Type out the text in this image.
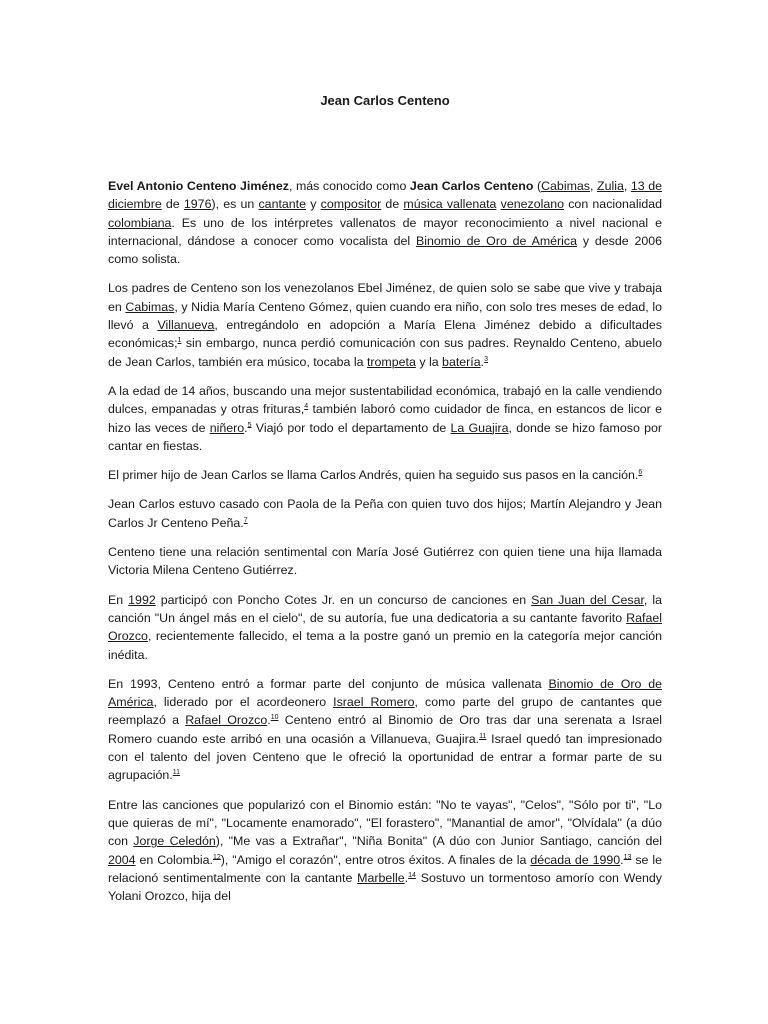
Jean Carlos Centeno

Evel Antonio Centeno Jiménez, más conocido como Jean Carlos Centeno (Cabimas, Zulia, 13 de diciembre de 1976), es un cantante y compositor de música vallenata venezolano con nacionalidad colombiana. Es uno de los intérpretes vallenatos de mayor reconocimiento a nivel nacional e internacional, dándose a conocer como vocalista del Binomio de Oro de América y desde 2006 como solista.

Los padres de Centeno son los venezolanos Ebel Jiménez, de quien solo se sabe que vive y trabaja en Cabimas, y Nidia María Centeno Gómez, quien cuando era niño, con solo tres meses de edad, lo llevó a Villanueva, entregándolo en adopción a María Elena Jiménez debido a dificultades económicas;$^1$ sin embargo, nunca perdió comunicación con sus padres. Reynaldo Centeno, abuelo de Jean Carlos, también era músico, tocaba la trompeta y la batería.$^3$

A la edad de 14 años, buscando una mejor sustentabilidad económica, trabajó en la calle vendiendo dulces, empanadas y otras frituras,$^4$ también laboró como cuidador de finca, en estancos de licor e hizo las veces de niñero.$^5$ Viajó por todo el departamento de La Guajira, donde se hizo famoso por cantar en fiestas.

El primer hijo de Jean Carlos se llama Carlos Andrés, quien ha seguido sus pasos en la canción.$^6$

Jean Carlos estuvo casado con Paola de la Peña con quien tuvo dos hijos; Martín Alejandro y Jean Carlos Jr Centeno Peña.$^7$

Centeno tiene una relación sentimental con María José Gutiérrez con quien tiene una hija llamada Victoria Milena Centeno Gutiérrez.

En 1992 participó con Poncho Cotes Jr. en un concurso de canciones en San Juan del Cesar, la canción "Un ángel más en el cielo", de su autoría, fue una dedicatoria a su cantante favorito Rafael Orozco, recientemente fallecido, el tema a la postre ganó un premio en la categoría mejor canción inédita.

En 1993, Centeno entró a formar parte del conjunto de música vallenata Binomio de Oro de América, liderado por el acordeonero Israel Romero, como parte del grupo de cantantes que reemplazó a Rafael Orozco.$^{10}$ Centeno entró al Binomio de Oro tras dar una serenata a Israel Romero cuando este arribó en una ocasión a Villanueva, Guajira.$^{11}$ Israel quedó tan impresionado con el talento del joven Centeno que le ofreció la oportunidad de entrar a formar parte de su agrupación.$^{11}$

Entre las canciones que popularizó con el Binomio están: "No te vayas", "Celos", "Sólo por ti", "Lo que quieras de mí", "Locamente enamorado", "El forastero", "Manantial de amor", "Olvídala" (a dúo con Jorge Celedón), "Me vas a Extrañar", "Niña Bonita" (A dúo con Junior Santiago, canción del 2004 en Colombia.$^{12}$), "Amigo el corazón", entre otros éxitos. A finales de la década de 1990.13 se le relacionó sentimentalmente con la cantante Marbelle.$^{14}$ Sostuvo un tormentoso amorío con Wendy Yolani Orozco, hija del
